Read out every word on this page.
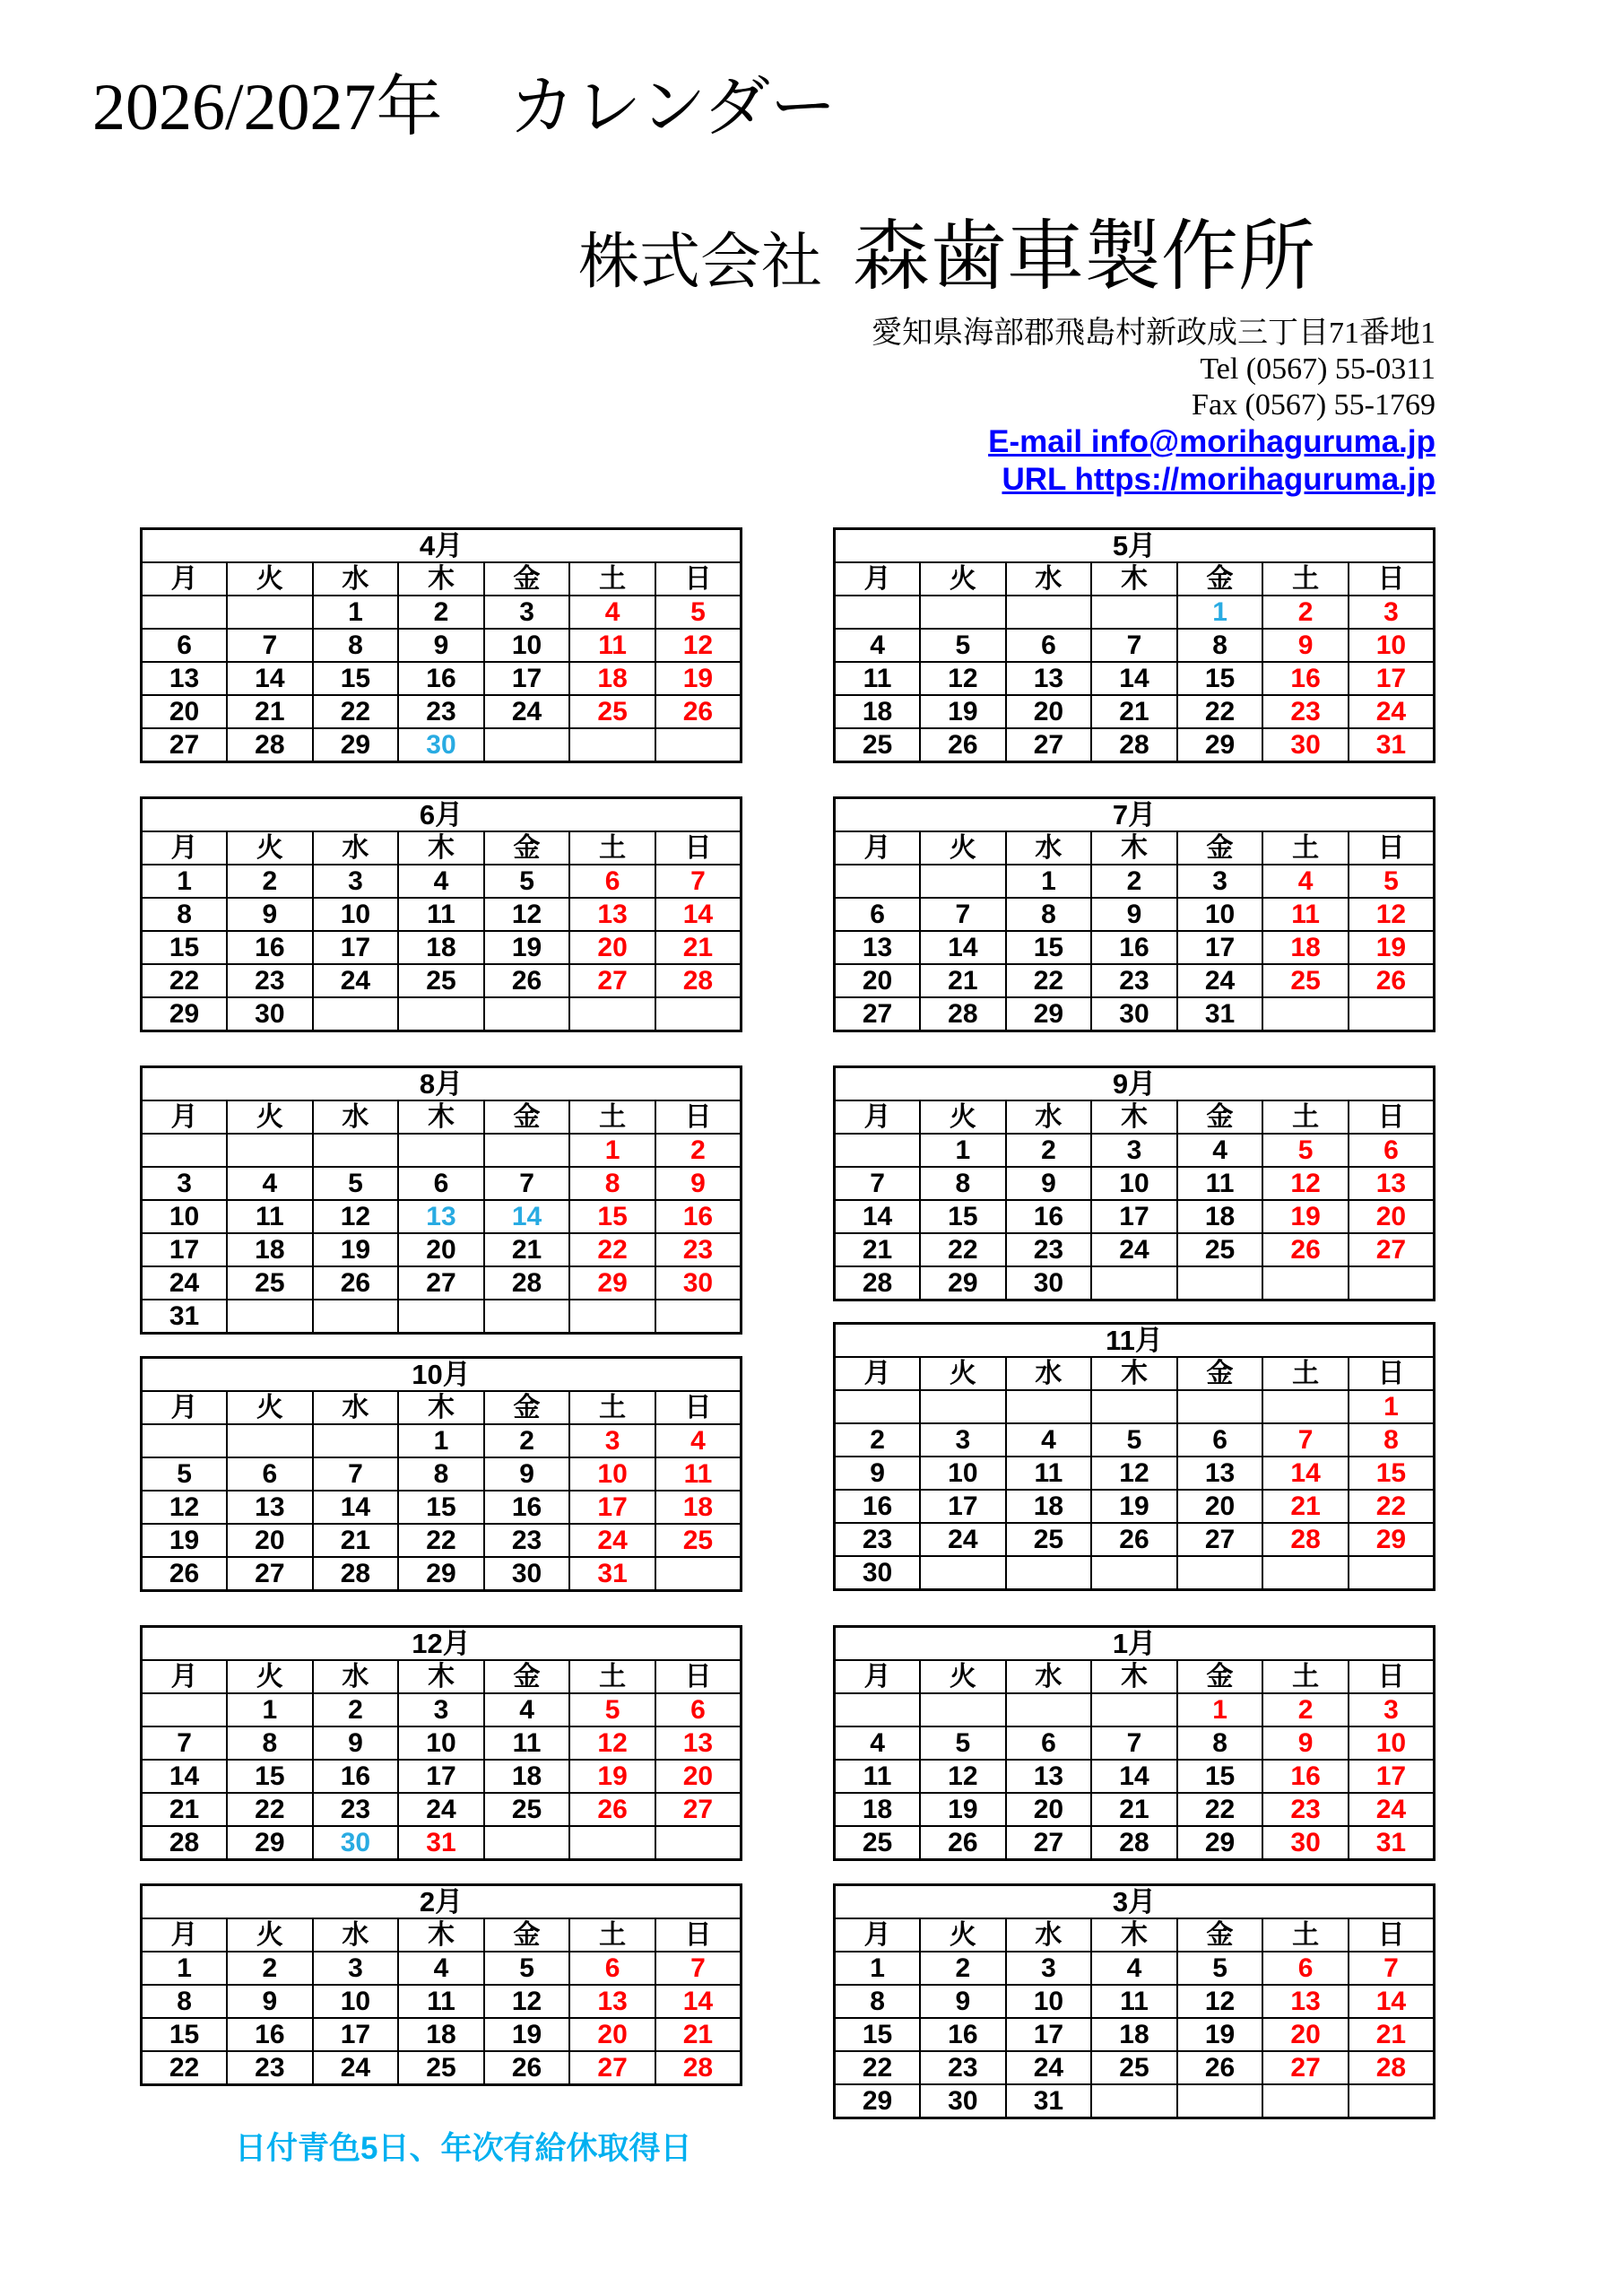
2026/2027年　カレンダー
株式会社 森歯車製作所
愛知県海部郡飛島村新政成三丁目71番地1
Tel (0567) 55-0311
Fax (0567) 55-1769
E-mail info@morihaguruma.jp
URL https://morihaguruma.jp
4月						
月	火	水	木	金	土	日
		1	2	3	4	5
6	7	8	9	10	11	12
13	14	15	16	17	18	19
20	21	22	23	24	25	26
27	28	29	30			
5月						
月	火	水	木	金	土	日
				1	2	3
4	5	6	7	8	9	10
11	12	13	14	15	16	17
18	19	20	21	22	23	24
25	26	27	28	29	30	31
6月						
月	火	水	木	金	土	日
1	2	3	4	5	6	7
8	9	10	11	12	13	14
15	16	17	18	19	20	21
22	23	24	25	26	27	28
29	30					
7月						
月	火	水	木	金	土	日
		1	2	3	4	5
6	7	8	9	10	11	12
13	14	15	16	17	18	19
20	21	22	23	24	25	26
27	28	29	30	31		
8月						
月	火	水	木	金	土	日
					1	2
3	4	5	6	7	8	9
10	11	12	13	14	15	16
17	18	19	20	21	22	23
24	25	26	27	28	29	30
31						
9月						
月	火	水	木	金	土	日
	1	2	3	4	5	6
7	8	9	10	11	12	13
14	15	16	17	18	19	20
21	22	23	24	25	26	27
28	29	30				
10月						
月	火	水	木	金	土	日
			1	2	3	4
5	6	7	8	9	10	11
12	13	14	15	16	17	18
19	20	21	22	23	24	25
26	27	28	29	30	31	
11月						
月	火	水	木	金	土	日
						1
2	3	4	5	6	7	8
9	10	11	12	13	14	15
16	17	18	19	20	21	22
23	24	25	26	27	28	29
30						
12月						
月	火	水	木	金	土	日
	1	2	3	4	5	6
7	8	9	10	11	12	13
14	15	16	17	18	19	20
21	22	23	24	25	26	27
28	29	30	31			
1月						
月	火	水	木	金	土	日
				1	2	3
4	5	6	7	8	9	10
11	12	13	14	15	16	17
18	19	20	21	22	23	24
25	26	27	28	29	30	31
2月						
月	火	水	木	金	土	日
1	2	3	4	5	6	7
8	9	10	11	12	13	14
15	16	17	18	19	20	21
22	23	24	25	26	27	28
3月						
月	火	水	木	金	土	日
1	2	3	4	5	6	7
8	9	10	11	12	13	14
15	16	17	18	19	20	21
22	23	24	25	26	27	28
29	30	31				
日付青色5日、年次有給休取得日
